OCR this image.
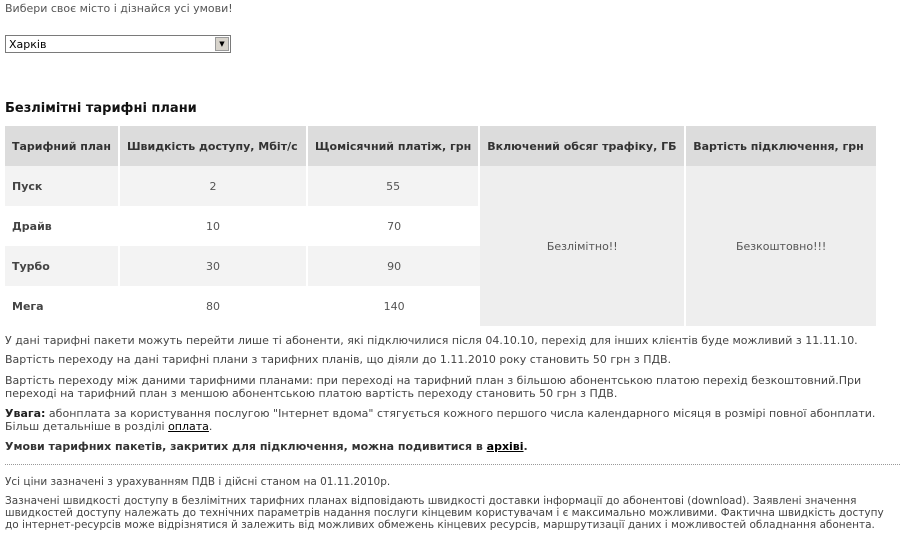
Вибери своє місто і дізнайся усі умови!
Харків	▼
Безлімітні тарифні плани
Тарифний план	Швидкість доступу, Мбіт/с	Щомісячний платіж, грн	Включений обсяг трафіку, ГБ	Вартість підключення, грн
Пуск	2	55	Безлімітно!!	Безкоштовно!!!
Драйв	10	70		
Турбо	30	90		
Мега	80	140		
У дані тарифні пакети можуть перейти лише ті абоненти, які підключилися після 04.10.10, перехід для інших клієнтів буде можливий з 11.11.10.
Вартість переходу на дані тарифні плани з тарифних планів, що діяли до 1.11.2010 року становить 50 грн з ПДВ.
Вартість переходу між даними тарифними планами: при переході на тарифний план з більшою абонентською платою перехід безкоштовний.При переході на тарифний план з меншою абонентською платою вартість переходу становить 50 грн з ПДВ.
Увага: абонплата за користування послугою "Інтернет вдома" стягується кожного першого числа календарного місяця в розмірі повної абонплати. Більш детальніше в розділі оплата.
Умови тарифних пакетів, закритих для підключення, можна подивитися в архіві.
Усі ціни зазначені з урахуванням ПДВ і дійсні станом на 01.11.2010р.
Зазначені швидкості доступу в безлімітних тарифних планах відповідають швидкості доставки інформації до абонентові (download). Заявлені значення швидкостей доступу належать до технічних параметрів надання послуги кінцевим користувачам і є максимально можливими. Фактична швидкість доступу до інтернет-ресурсів може відрізнятися й залежить від можливих обмежень кінцевих ресурсів, маршрутизації даних і можливостей обладнання абонента.
